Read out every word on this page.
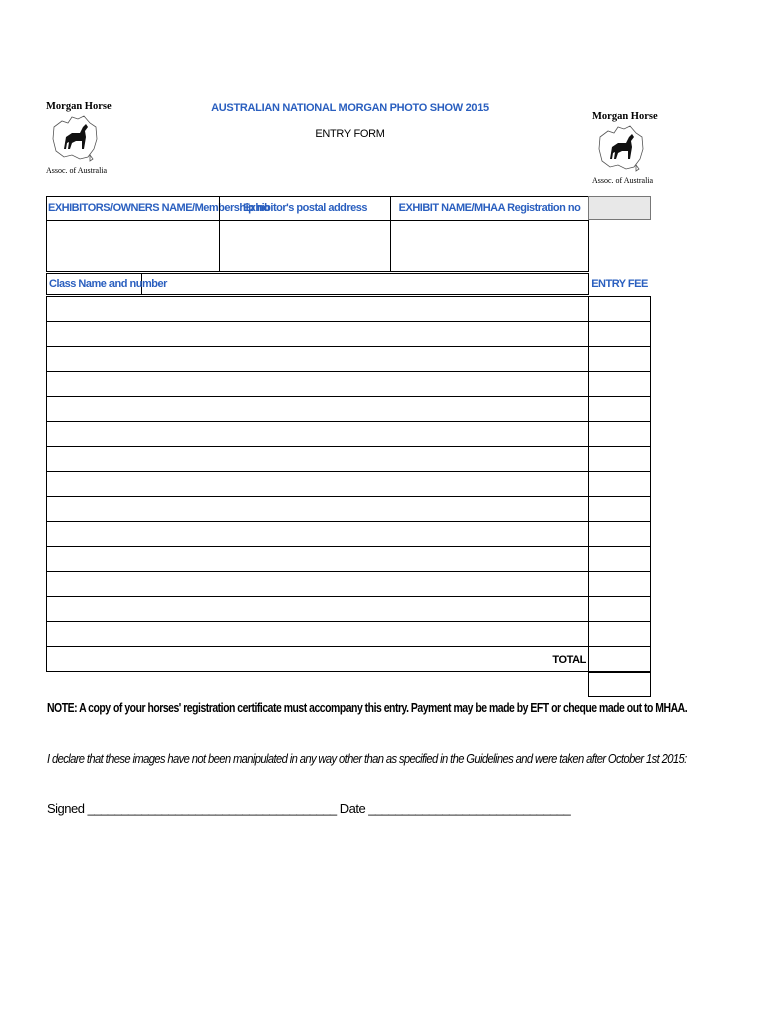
Morgan Horse
Assoc. of Australia
Morgan Horse
Assoc. of Australia
AUSTRALIAN NATIONAL MORGAN PHOTO SHOW 2015
ENTRY FORM
EXHIBITORS/OWNERS NAME/Membership no
Exhibitor's postal address	EXHIBIT NAME/MHAA Registration no
Class Name and number	ENTRY FEE
TOTAL
NOTE: A copy of your horses' registration certificate must accompany this entry. Payment may be made by EFT or cheque made out to MHAA.
I declare that these images have not been manipulated in any way other than as specified in the Guidelines and were taken after October 1st 2015:
Signed _____________________________________ Date ______________________________
